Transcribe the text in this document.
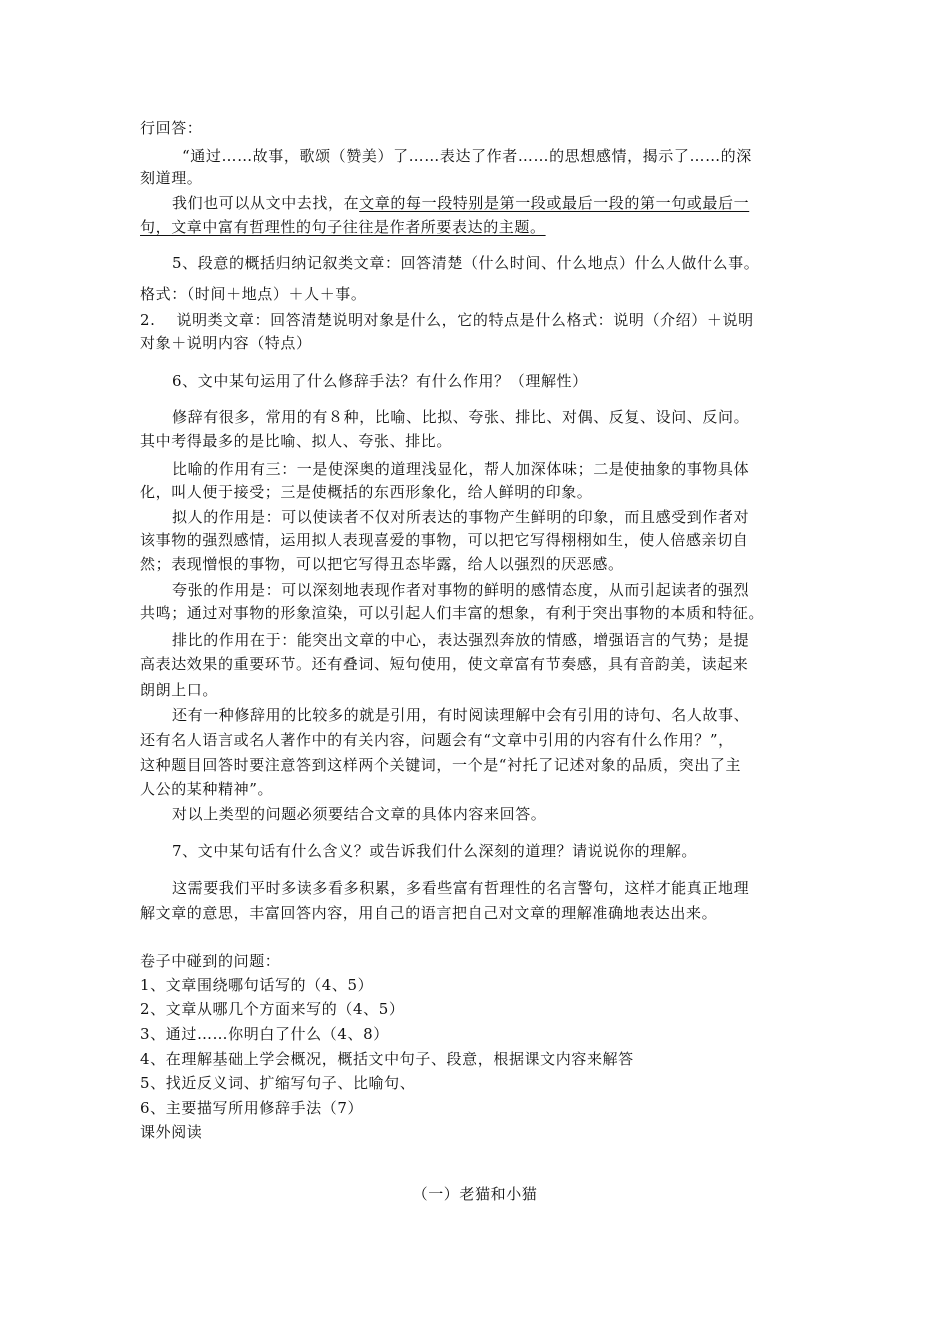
行回答：
“通过……故事，歌颂（赞美）了……表达了作者……的思想感情，揭示了……的深
刻道理。
我们也可以从文中去找，在文章的每一段特别是第一段或最后一段的第一句或最后一
句，文章中富有哲理性的句子往往是作者所要表达的主题。
5、段意的概括归纳记叙类文章：回答清楚（什么时间、什么地点）什么人做什么事。
格式：（时间＋地点）＋人＋事。
2.　 说明类文章：回答清楚说明对象是什么，它的特点是什么格式：说明（介绍）＋说明
对象＋说明内容（特点）
6、文中某句运用了什么修辞手法？有什么作用？（理解性）
修辞有很多，常用的有８种，比喻、比拟、夸张、排比、对偶、反复、设问、反问。
其中考得最多的是比喻、拟人、夸张、排比。
比喻的作用有三：一是使深奥的道理浅显化，帮人加深体味；二是使抽象的事物具体
化，叫人便于接受；三是使概括的东西形象化，给人鲜明的印象。
拟人的作用是：可以使读者不仅对所表达的事物产生鲜明的印象，而且感受到作者对
该事物的强烈感情，运用拟人表现喜爱的事物，可以把它写得栩栩如生，使人倍感亲切自
然；表现憎恨的事物，可以把它写得丑态毕露，给人以强烈的厌恶感。
夸张的作用是：可以深刻地表现作者对事物的鲜明的感情态度，从而引起读者的强烈
共鸣；通过对事物的形象渲染，可以引起人们丰富的想象，有利于突出事物的本质和特征。
排比的作用在于：能突出文章的中心，表达强烈奔放的情感，增强语言的气势；是提
高表达效果的重要环节。还有叠词、短句使用，使文章富有节奏感，具有音韵美，读起来
朗朗上口。
还有一种修辞用的比较多的就是引用，有时阅读理解中会有引用的诗句、名人故事、
还有名人语言或名人著作中的有关内容，问题会有“文章中引用的内容有什么作用？”，
这种题目回答时要注意答到这样两个关键词，一个是“衬托了记述对象的品质，突出了主
人公的某种精神”。
对以上类型的问题必须要结合文章的具体内容来回答。
7、文中某句话有什么含义？或告诉我们什么深刻的道理？请说说你的理解。
这需要我们平时多读多看多积累，多看些富有哲理性的名言警句，这样才能真正地理
解文章的意思，丰富回答内容，用自己的语言把自己对文章的理解准确地表达出来。
卷子中碰到的问题：
1、文章围绕哪句话写的（4、5）
2、文章从哪几个方面来写的（4、5）
3、通过……你明白了什么（4、8）
4、在理解基础上学会概况，概括文中句子、段意，根据课文内容来解答
5、找近反义词、扩缩写句子、比喻句、
6、主要描写所用修辞手法（7）
课外阅读
（一）老猫和小猫
